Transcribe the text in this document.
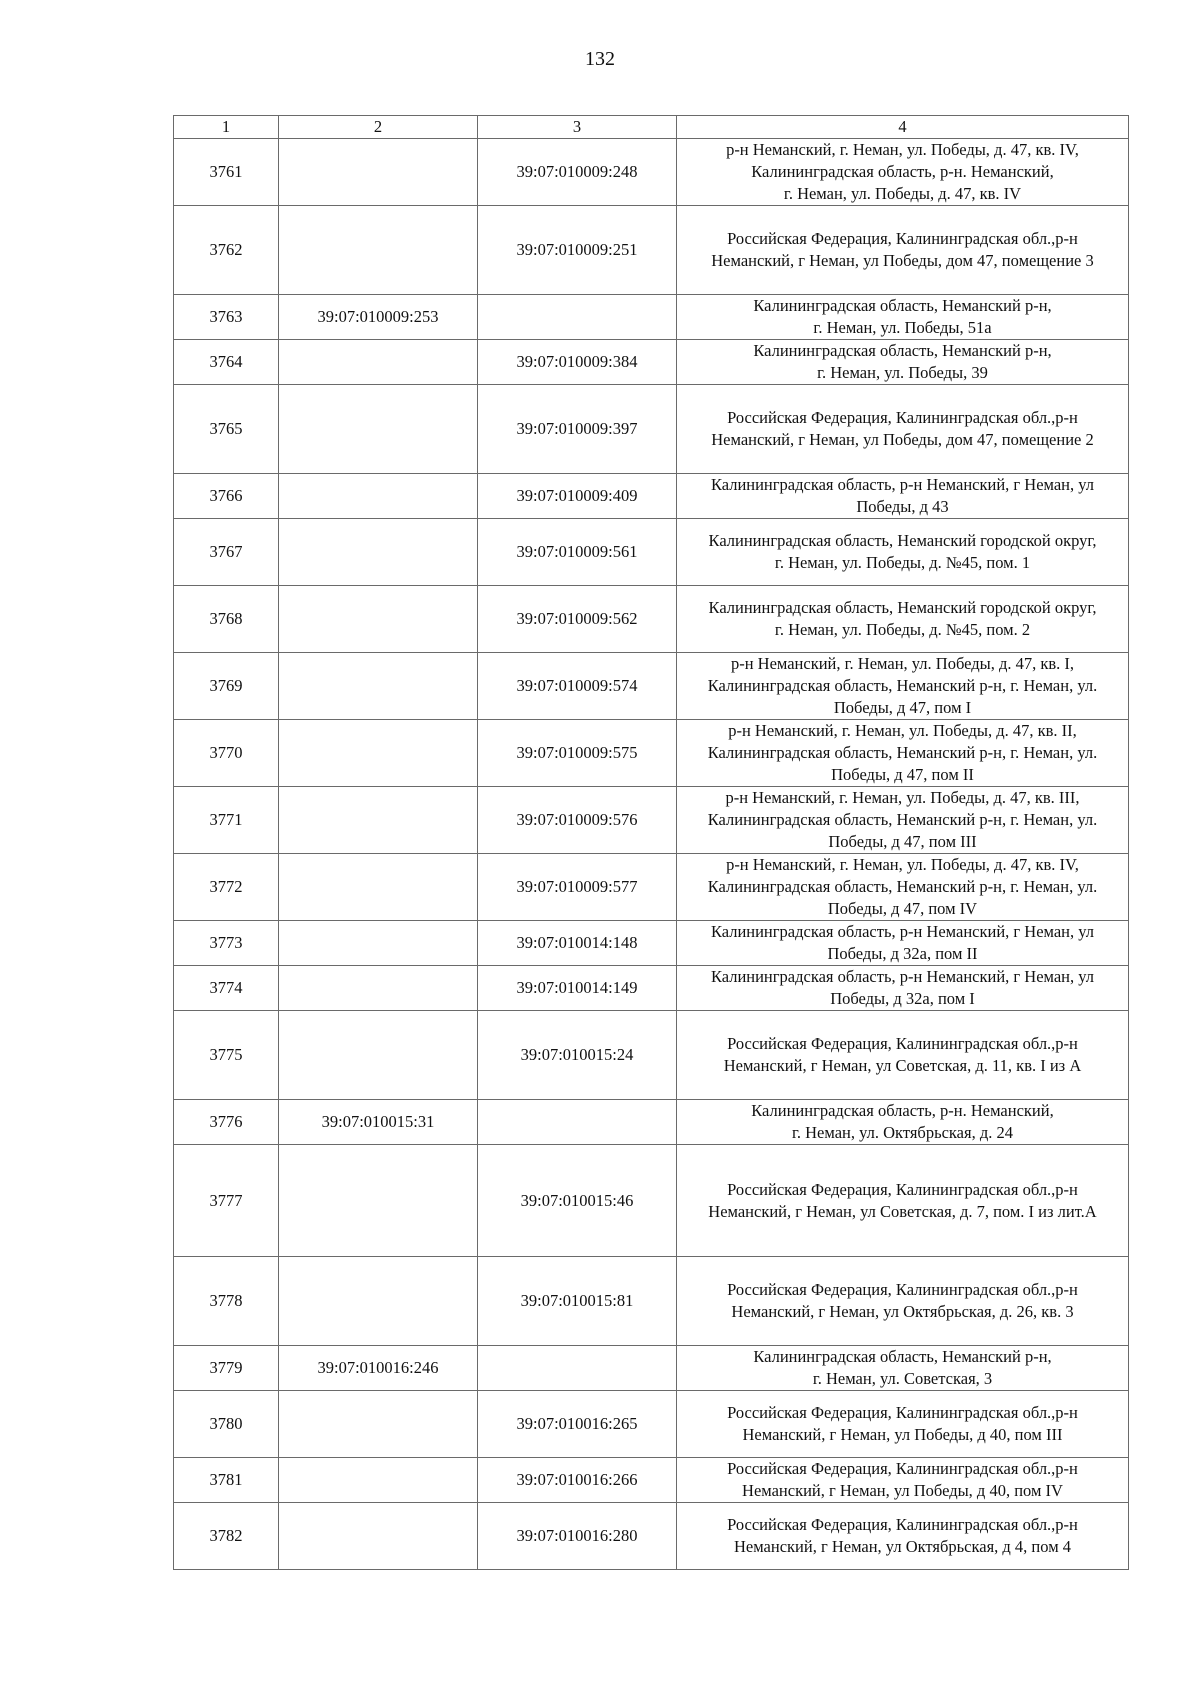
132
1	2	3	4
3761		39:07:010009:248	р-н Неманский, г. Неман, ул. Победы, д. 47, кв. IV,
Калининградская область, р-н. Неманский,
г. Неман, ул. Победы, д. 47, кв. IV
3762		39:07:010009:251	Российская Федерация, Калининградская обл.,р-н
Неманский, г Неман, ул Победы, дом 47, помещение 3
3763	39:07:010009:253		Калининградская область, Неманский р-н,
г. Неман, ул. Победы, 51а
3764		39:07:010009:384	Калининградская область, Неманский р-н,
г. Неман, ул. Победы, 39
3765		39:07:010009:397	Российская Федерация, Калининградская обл.,р-н
Неманский, г Неман, ул Победы, дом 47, помещение 2
3766		39:07:010009:409	Калининградская область, р-н Неманский, г Неман, ул
Победы, д 43
3767		39:07:010009:561	Калининградская область, Неманский городской округ,
г. Неман, ул. Победы, д. №45, пом. 1
3768		39:07:010009:562	Калининградская область, Неманский городской округ,
г. Неман, ул. Победы, д. №45, пом. 2
3769		39:07:010009:574	р-н Неманский, г. Неман, ул. Победы, д. 47, кв. I,
Калининградская область, Неманский р-н, г. Неман, ул.
Победы, д 47, пом I
3770		39:07:010009:575	р-н Неманский, г. Неман, ул. Победы, д. 47, кв. II,
Калининградская область, Неманский р-н, г. Неман, ул.
Победы, д 47, пом II
3771		39:07:010009:576	р-н Неманский, г. Неман, ул. Победы, д. 47, кв. III,
Калининградская область, Неманский р-н, г. Неман, ул.
Победы, д 47, пом III
3772		39:07:010009:577	р-н Неманский, г. Неман, ул. Победы, д. 47, кв. IV,
Калининградская область, Неманский р-н, г. Неман, ул.
Победы, д 47, пом IV
3773		39:07:010014:148	Калининградская область, р-н Неманский, г Неман, ул
Победы, д 32а, пом II
3774		39:07:010014:149	Калининградская область, р-н Неманский, г Неман, ул
Победы, д 32а, пом I
3775		39:07:010015:24	Российская Федерация, Калининградская обл.,р-н
Неманский, г Неман, ул Советская, д. 11, кв. I из А
3776	39:07:010015:31		Калининградская область, р-н. Неманский,
г. Неман, ул. Октябрьская, д. 24
3777		39:07:010015:46	Российская Федерация, Калининградская обл.,р-н
Неманский, г Неман, ул Советская, д. 7, пом. I из лит.А
3778		39:07:010015:81	Российская Федерация, Калининградская обл.,р-н
Неманский, г Неман, ул Октябрьская, д. 26, кв. 3
3779	39:07:010016:246		Калининградская область, Неманский р-н,
г. Неман, ул. Советская, 3
3780		39:07:010016:265	Российская Федерация, Калининградская обл.,р-н
Неманский, г Неман, ул Победы, д 40, пом III
3781		39:07:010016:266	Российская Федерация, Калининградская обл.,р-н
Неманский, г Неман, ул Победы, д 40, пом IV
3782		39:07:010016:280	Российская Федерация, Калининградская обл.,р-н
Неманский, г Неман, ул Октябрьская, д 4, пом 4
